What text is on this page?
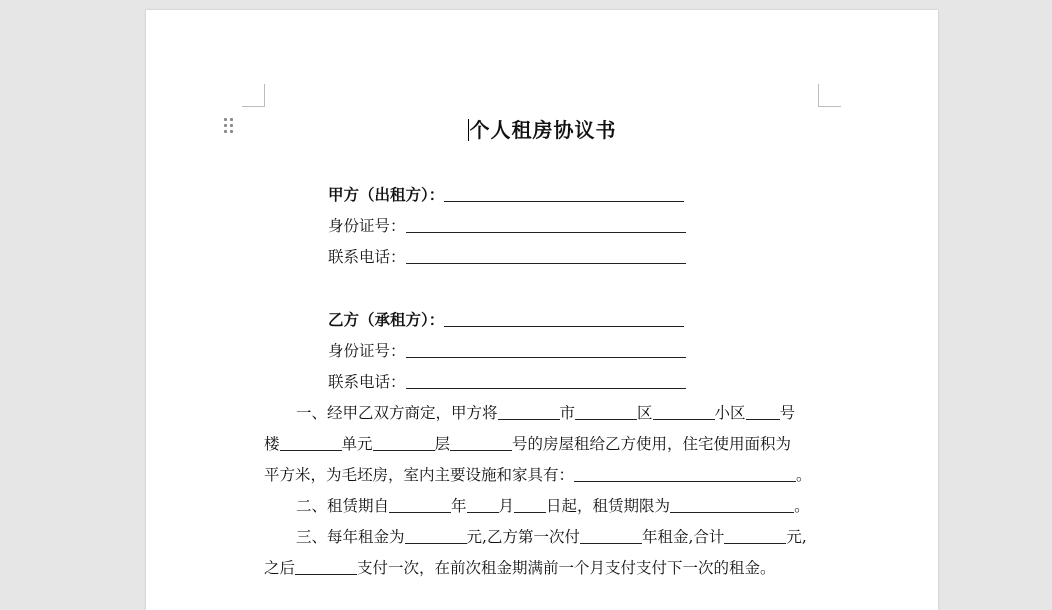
个人租房协议书
甲方（出租方）：
身份证号：
联系电话：
乙方（承租方）：
身份证号：
联系电话：
一、经甲乙双方商定，甲方将	市	区	小区 号
楼	单元	层	号的房屋租给乙方使用，住宅使用面积为
平方米，为毛坯房，室内主要设施和家具有：	。
二、租赁期自	年 月 日起，租赁期限为	。
三、每年租金为	元,乙方第一次付	年租金,合计	元,
之后	支付一次，在前次租金期满前一个月支付支付下一次的租金。
